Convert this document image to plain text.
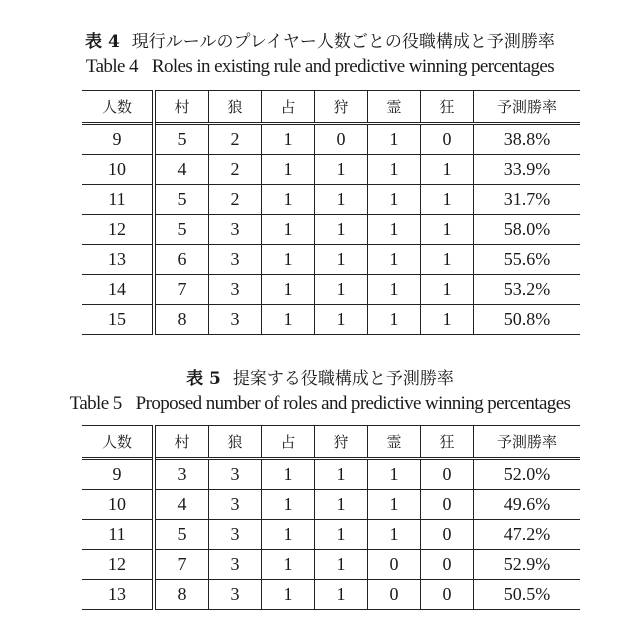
表 4 現行ルールのプレイヤー人数ごとの役職構成と予測勝率
Table 4 Roles in existing rule and predictive winning percentages
人数	村	狼	占	狩	霊	狂	予測勝率
9	5	2	1	0	1	0	38.8%
10	4	2	1	1	1	1	33.9%
11	5	2	1	1	1	1	31.7%
12	5	3	1	1	1	1	58.0%
13	6	3	1	1	1	1	55.6%
14	7	3	1	1	1	1	53.2%
15	8	3	1	1	1	1	50.8%
表 5 提案する役職構成と予測勝率
Table 5 Proposed number of roles and predictive winning percentages
人数	村	狼	占	狩	霊	狂	予測勝率
9	3	3	1	1	1	0	52.0%
10	4	3	1	1	1	0	49.6%
11	5	3	1	1	1	0	47.2%
12	7	3	1	1	0	0	52.9%
13	8	3	1	1	0	0	50.5%
